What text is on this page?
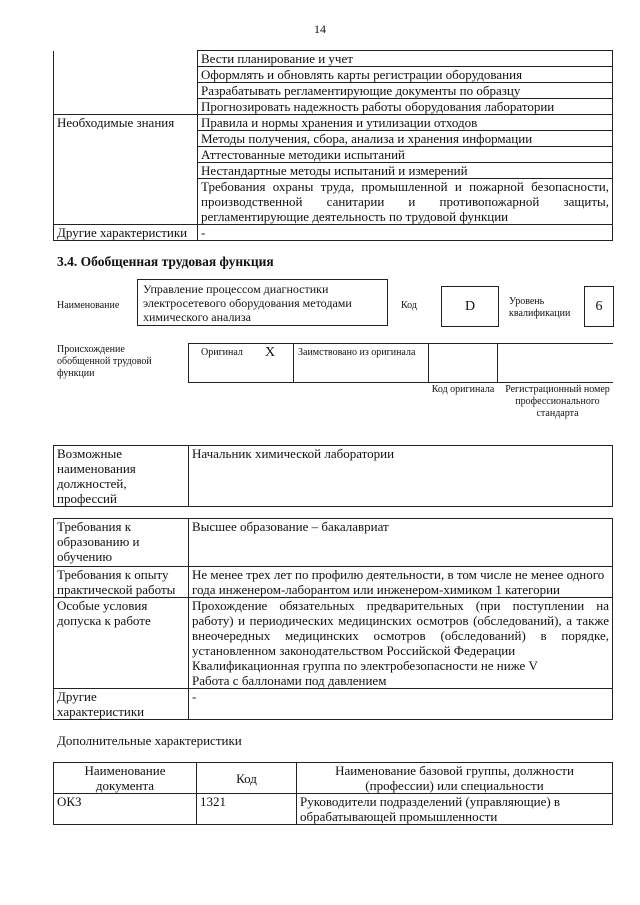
14
	Вести планирование и учет
	Оформлять и обновлять карты регистрации оборудования
	Разрабатывать регламентирующие документы по образцу
	Прогнозировать надежность работы оборудования лаборатории
Необходимые знания	Правила и нормы хранения и утилизации отходов
	Методы получения, сбора, анализа и хранения информации
	Аттестованные методики испытаний
	Нестандартные методы испытаний и измерений
	Требования охраны труда, промышленной и пожарной безопасности, производственной санитарии и противопожарной защиты, регламентирующие деятельность по трудовой функции
Другие характеристики	-
3.4. Обобщенная трудовая функция
Наименование
Управление процессом диагностики электросетевого оборудования методами химического анализа
Код	D	Уровень квалификации	6
Происхождение обобщенной трудовой функции
Оригинал X Заимствовано из оригинала
Код оригинала	Регистрационный номер профессионального стандарта
Возможные наименования должностей, профессий	Начальник химической лаборатории
Требования к образованию и обучению	Высшее образование – бакалавриат
Требования к опыту практической работы	Не менее трех лет по профилю деятельности, в том числе не менее одного года инженером-лаборантом или инженером-химиком 1 категории
Особые условия допуска к работе	Прохождение обязательных предварительных (при поступлении на работу) и периодических медицинских осмотров (обследований), а также внеочередных медицинских осмотров (обследований) в порядке, установленном законодательством Российской Федерации
Квалификационная группа по электробезопасности не ниже V
Работа с баллонами под давлением

Другие характеристики	-
Дополнительные характеристики
Наименование документа	Код	Наименование базовой группы, должности (профессии) или специальности
ОКЗ	1321	Руководители подразделений (управляющие) в обрабатывающей промышленности
